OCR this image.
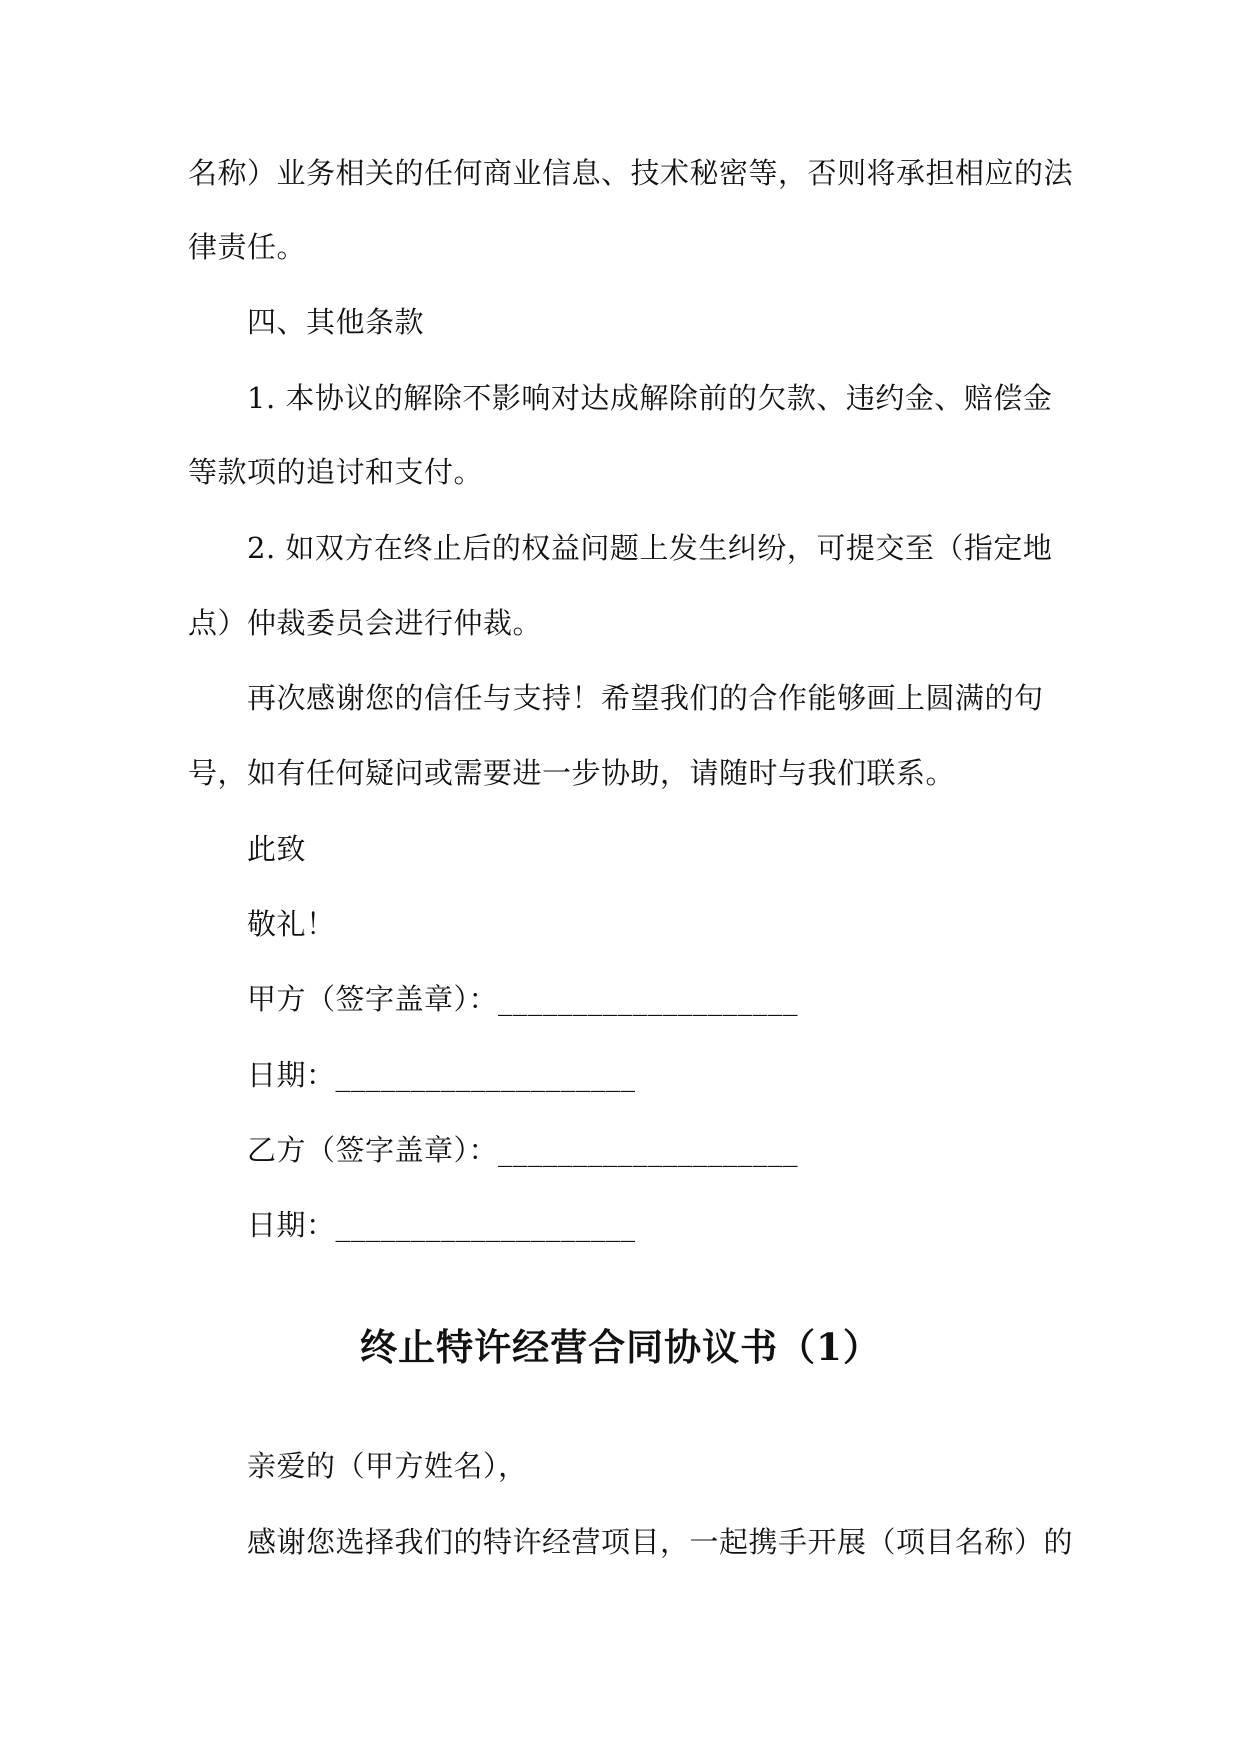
名称）业务相关的任何商业信息、技术秘密等，否则将承担相应的法
律责任。
四、其他条款
1. 本协议的解除不影响对达成解除前的欠款、违约金、赔偿金
等款项的追讨和支付。
2. 如双方在终止后的权益问题上发生纠纷，可提交至（指定地
点）仲裁委员会进行仲裁。
再次感谢您的信任与支持！希望我们的合作能够画上圆满的句
号，如有任何疑问或需要进一步协助，请随时与我们联系。
此致
敬礼！
甲方（签字盖章）：____________________
日期：____________________
乙方（签字盖章）：____________________
日期：____________________
终止特许经营合同协议书（1）
亲爱的（甲方姓名），
感谢您选择我们的特许经营项目，一起携手开展（项目名称）的
